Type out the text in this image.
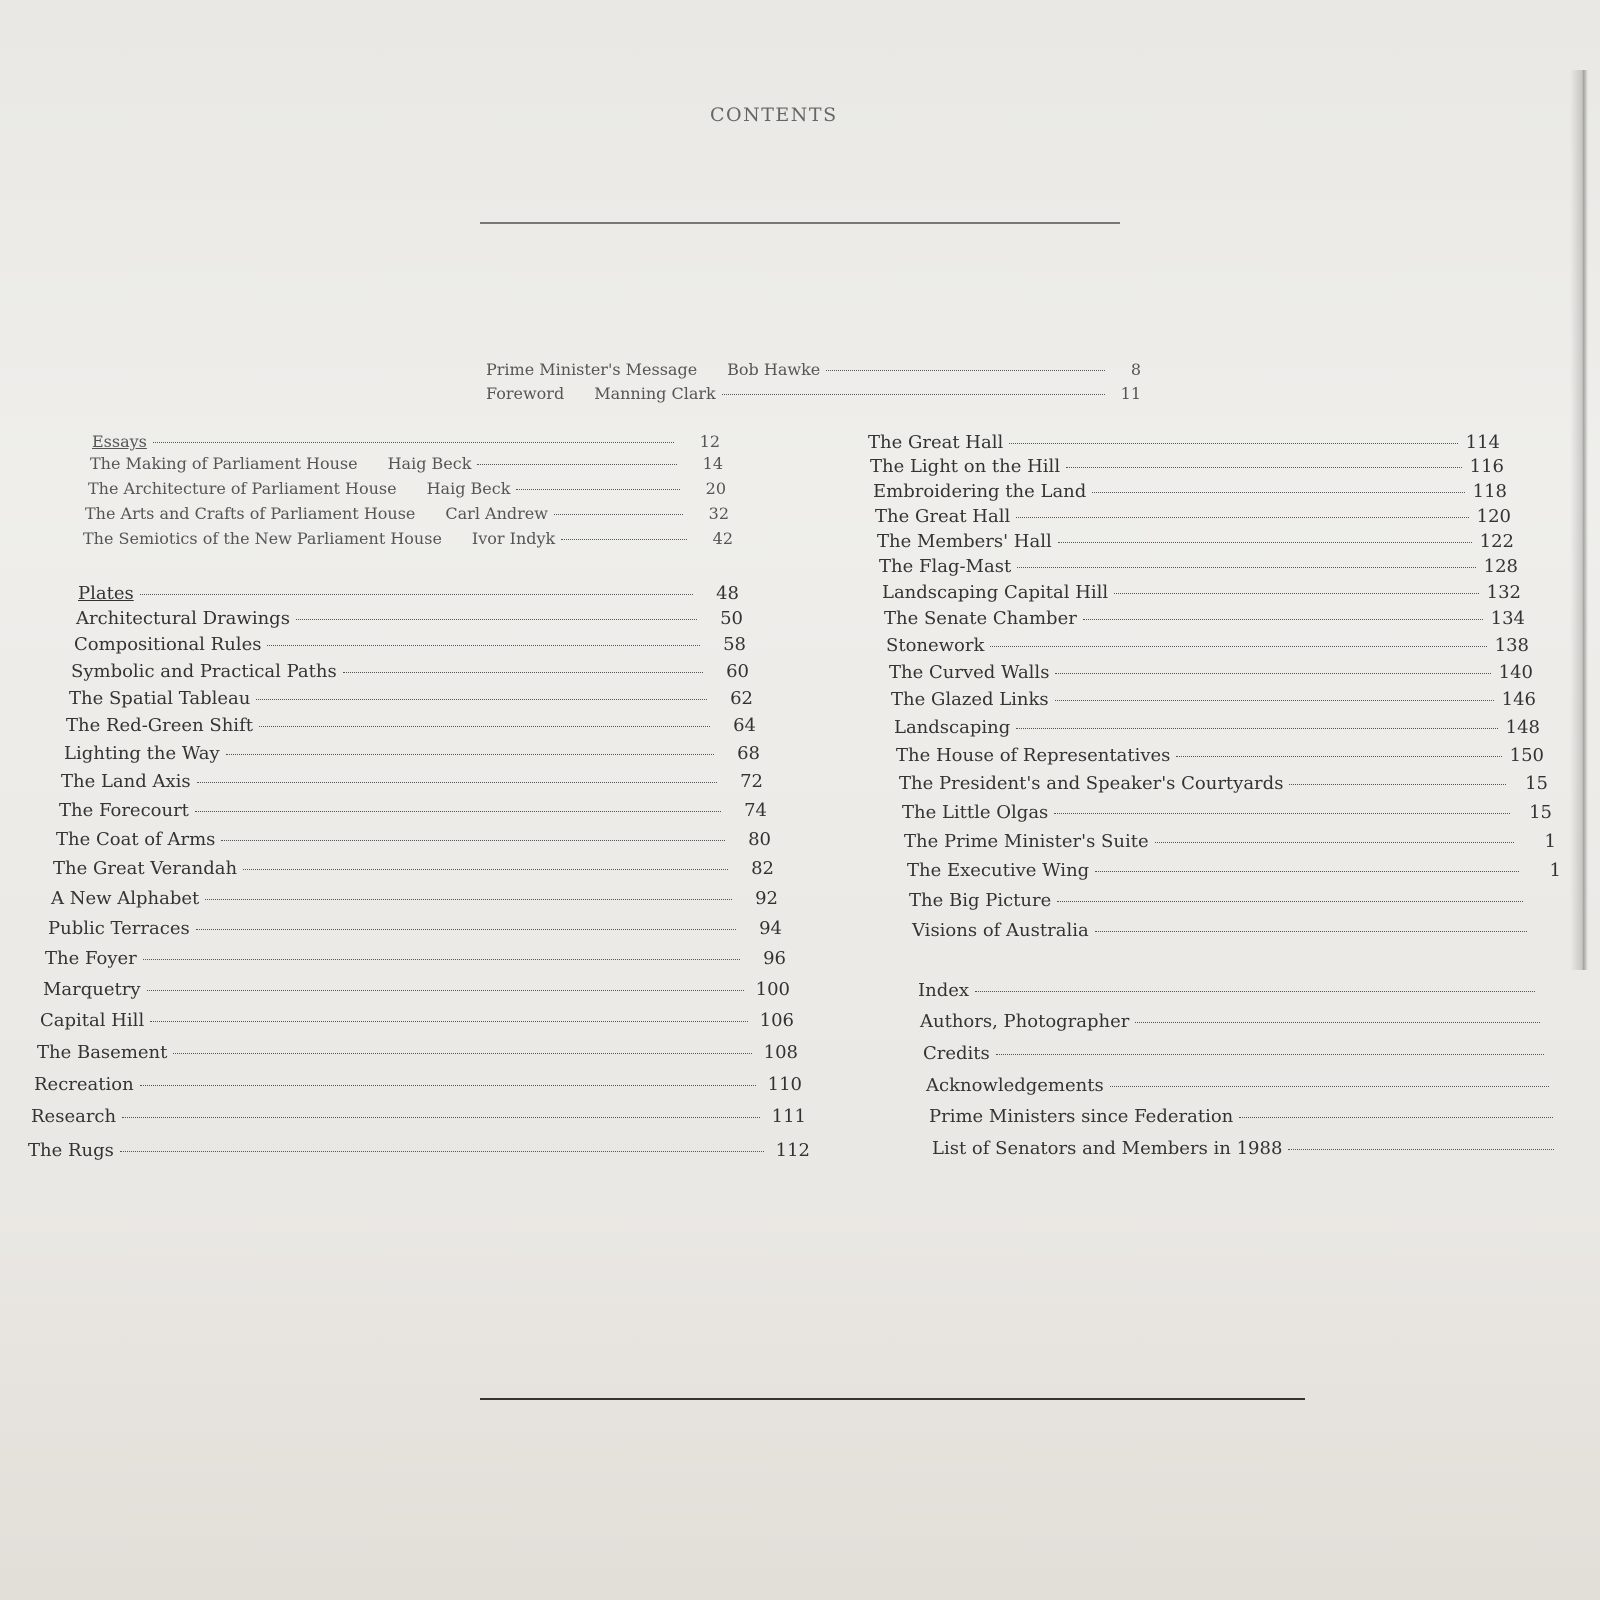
CONTENTS
Prime Minister's Message Bob Hawke	8
Foreword Manning Clark	11
Essays	12
The Making of Parliament House Haig Beck	14
The Architecture of Parliament House Haig Beck	20
The Arts and Crafts of Parliament House Carl Andrew	32
The Semiotics of the New Parliament House Ivor Indyk	42
Plates	48
Architectural Drawings	50
Compositional Rules	58
Symbolic and Practical Paths	60
The Spatial Tableau	62
The Red-Green Shift	64
Lighting the Way	68
The Land Axis	72
The Forecourt	74
The Coat of Arms	80
The Great Verandah	82
A New Alphabet	92
Public Terraces	94
The Foyer	96
Marquetry	100
Capital Hill	106
The Basement	108
Recreation	110
Research	111
The Rugs	112
The Great Hall	114
The Light on the Hill	116
Embroidering the Land	118
The Great Hall	120
The Members' Hall	122
The Flag-Mast	128
Landscaping Capital Hill	132
The Senate Chamber	134
Stonework	138
The Curved Walls	140
The Glazed Links	146
Landscaping	148
The House of Representatives	150
The President's and Speaker's Courtyards	15
The Little Olgas	15
The Prime Minister's Suite	1
The Executive Wing	1
The Big Picture
Visions of Australia
Index
Authors, Photographer
Credits
Acknowledgements
Prime Ministers since Federation
List of Senators and Members in 1988
